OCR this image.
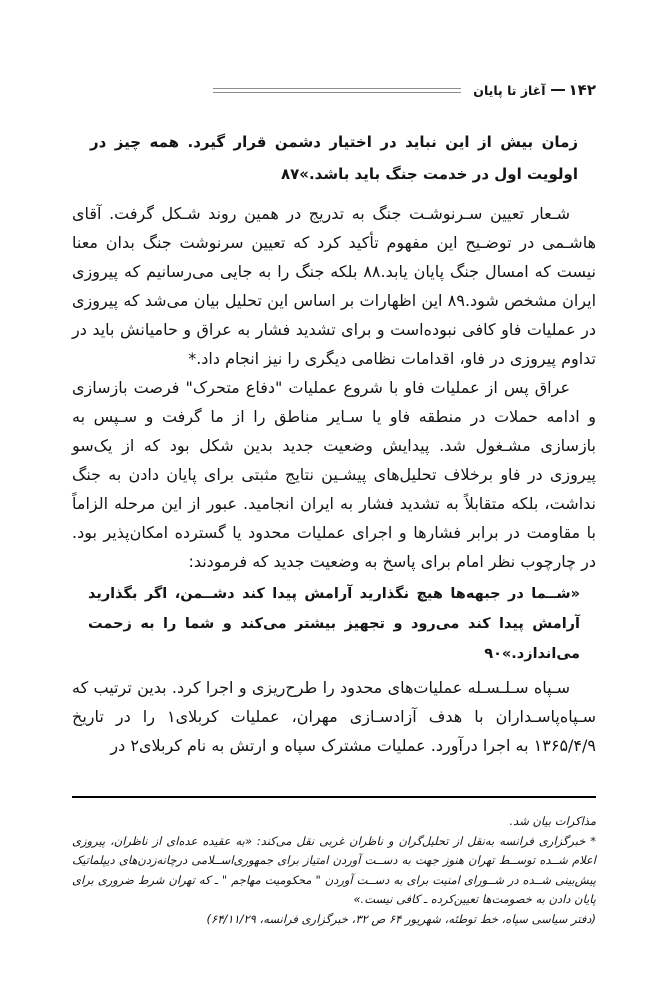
۱۴۲
آغاز تا پایان
زمان بیش از این نباید در اختیار دشمن قرار گیرد. همه چیز در اولویت اول در خدمت جنگ باید باشد.»۸۷

شـعار تعیین سـرنوشـت جنگ به تدریج در همین روند شـکل گرفت. آقای هاشـمی در توضـیح این مفهوم تأکید کرد که تعیین سرنوشت جنگ بدان معنا نیست که امسال جنگ پایان یابد.۸۸ بلکه جنگ را به جایی می‌رسانیم که پیروزی ایران مشخص شود.۸۹ این اظهارات بر اساس این تحلیل بیان می‌شد که پیروزی در عملیات فاو کافی نبوده‌است و برای تشدید فشار به عراق و حامیانش باید در تداوم پیروزی در فاو، اقدامات نظامی دیگری را نیز انجام داد.*

عراق پس از عملیات فاو با شروع عملیات "دفاع متحرک" فرصت بازسازی و ادامه حملات در منطقه فاو یا سـایر مناطق را از ما گرفت و سـپس به بازسازی مشـغول شد. پیدایش وضعیت جدید بدین شکل بود که از یک‌سو پیروزی در فاو برخلاف تحلیل‌های پیشـین نتایج مثبتی برای پایان دادن به جنگ نداشت، بلکه متقابلاً به تشدید فشار به ایران انجامید. عبور از این مرحله الزاماً با مقاومت در برابر فشارها و اجرای عملیات محدود یا گسترده امکان‌پذیر بود. در چارچوب نظر امام برای پاسخ به وضعیت جدید که فرمودند:

«شــما در جبهه‌ها هیچ نگذارید آرامش پیدا کند دشــمن، اگر بگذارید آرامش پیدا کند می‌رود و تجهیز بیشتر می‌کند و شما را به زحمت می‌اندازد.»۹۰

سـپاه سـلـسـله عملیات‌های محدود را طرح‌ریزی و اجرا کرد. بدین ترتیب که سـپاه‌پاسـداران با هدف آزادسـازی مهران، عملیات کربلای۱ را در تاریخ ۱۳۶۵/۴/۹ به اجرا درآورد. عملیات مشترک سپاه و ارتش به نام کربلای۲ در

مذاکرات بیان شد.

* خبرگزاری فرانسه به‌نقل از تحلیل‌گران و ناظران غربی نقل می‌کند: «به عقیده عده‌ای از ناظران، پیروزی اعلام شــده توســط تهران هنوز جهت به دســت آوردن امتیاز برای جمهوری‌اســلامی درچانه‌زدن‌های دیپلماتیک پیش‌بینی شــده در شــورای امنیت برای به دســت آوردن " محکومیت مهاجم " ـ که تهران شرط ضروری برای پایان دادن به خصومت‌ها تعیین‌کرده ـ کافی نیست.»

(دفتر سیاسی سپاه، خط توطئه، شهریور ۶۴ ص ۳۲، خبرگزاری فرانسه، ۶۴/۱۱/۲۹)
